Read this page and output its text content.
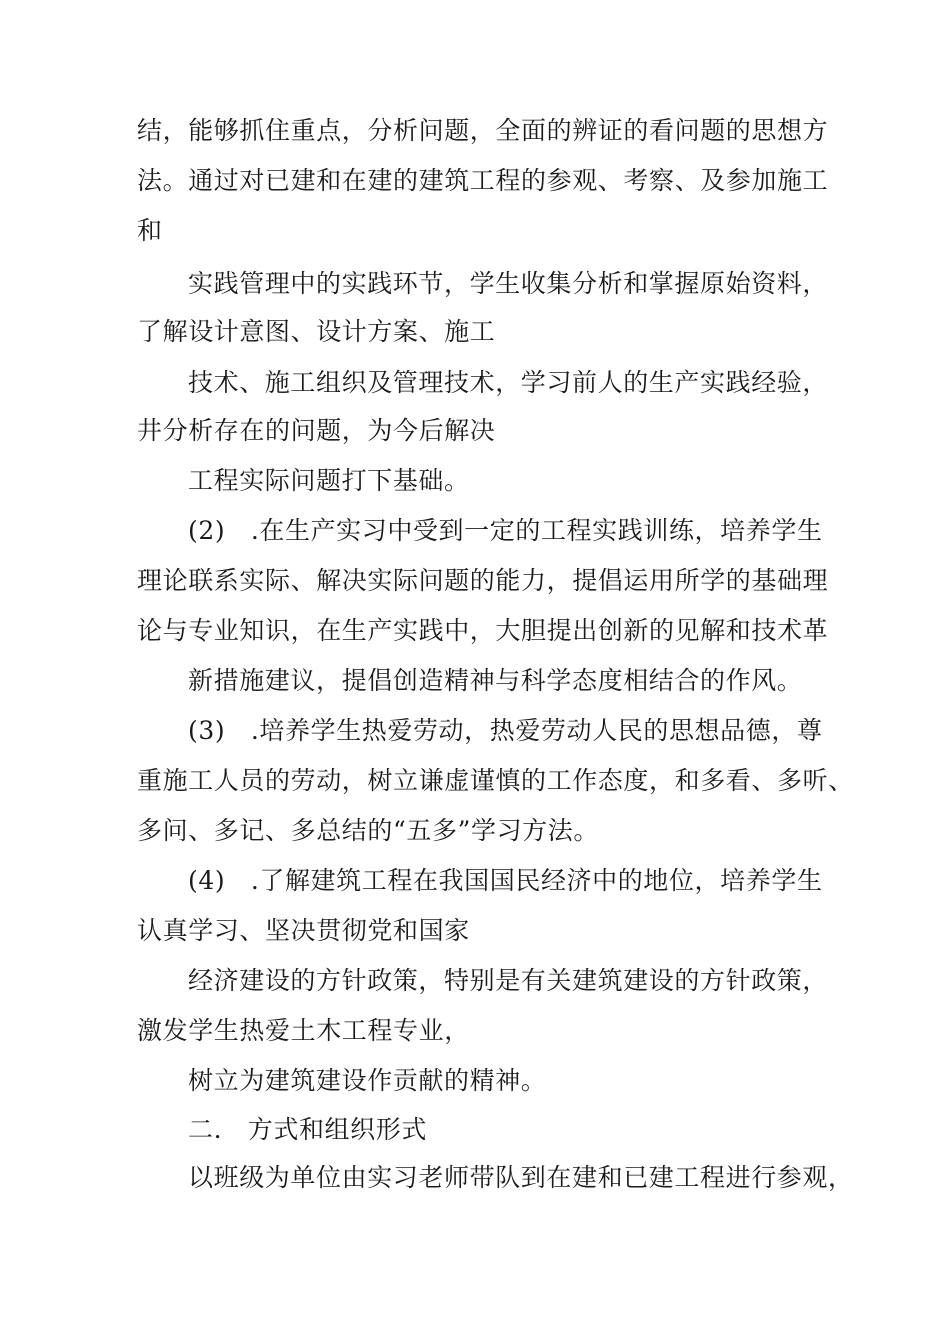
结，能够抓住重点，分析问题，全面的辨证的看问题的思想方
法。通过对已建和在建的建筑工程的参观、考察、及参加施工
和
实践管理中的实践环节，学生收集分析和掌握原始资料，
了解设计意图、设计方案、施工
技术、施工组织及管理技术，学习前人的生产实践经验，
井分析存在的问题，为今后解决
工程实际问题打下基础。
(2)　.在生产实习中受到一定的工程实践训练，培养学生
理论联系实际、解决实际问题的能力，提倡运用所学的基础理
论与专业知识，在生产实践中，大胆提出创新的见解和技术革
新措施建议，提倡创造精神与科学态度相结合的作风。
(3)　.培养学生热爱劳动，热爱劳动人民的思想品德，尊
重施工人员的劳动，树立谦虚谨慎的工作态度，和多看、多听、
多问、多记、多总结的“五多”学习方法。
(4)　.了解建筑工程在我国国民经济中的地位，培养学生
认真学习、坚决贯彻党和国家
经济建设的方针政策，特别是有关建筑建设的方针政策，
激发学生热爱土木工程专业，
树立为建筑建设作贡献的精神。
二.　方式和组织形式
以班级为单位由实习老师带队到在建和已建工程进行参观，
